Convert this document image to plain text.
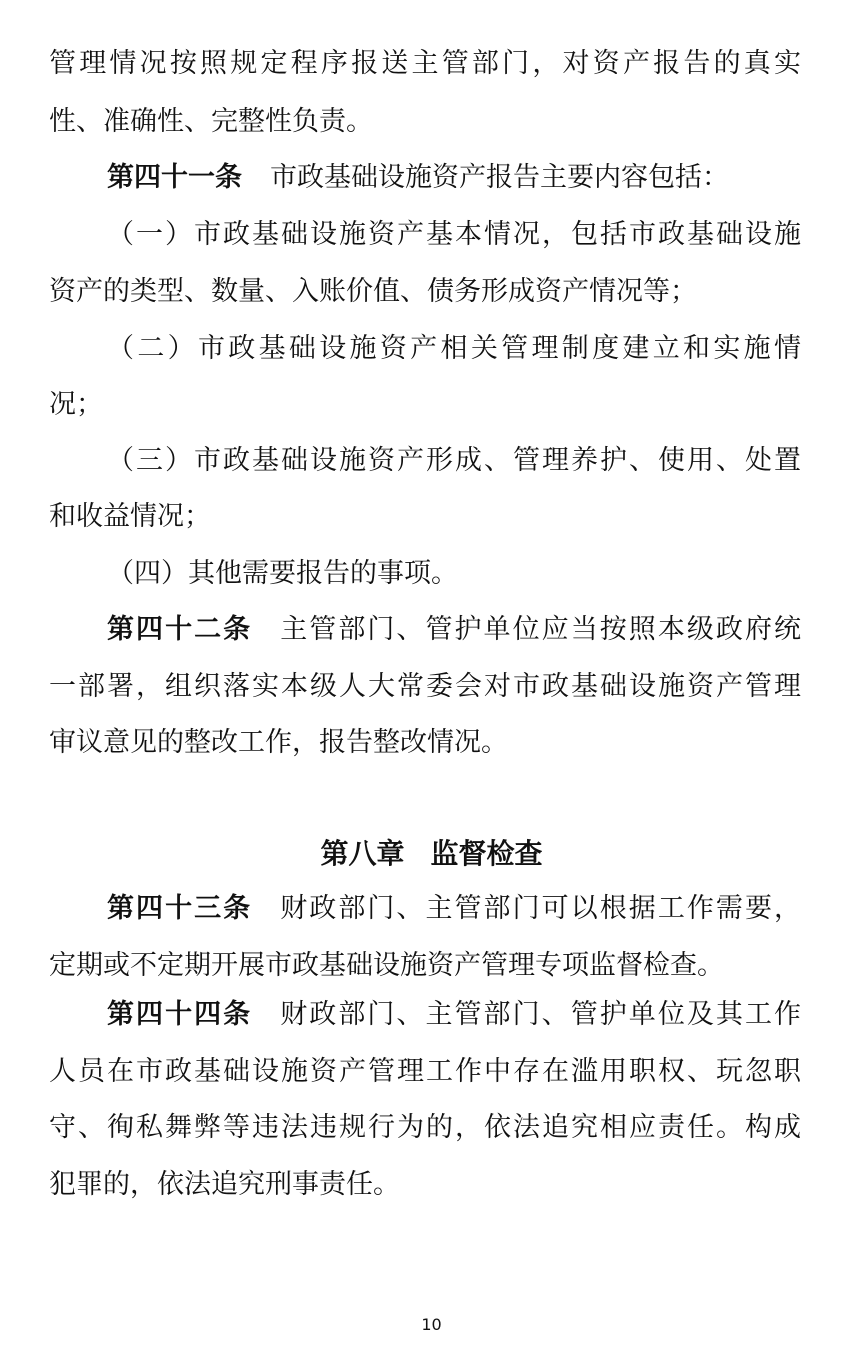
管理情况按照规定程序报送主管部门，对资产报告的真实
性、准确性、完整性负责。
第四十一条 市政基础设施资产报告主要内容包括：
（一）市政基础设施资产基本情况，包括市政基础设施
资产的类型、数量、入账价值、债务形成资产情况等；
（二）市政基础设施资产相关管理制度建立和实施情
况；
（三）市政基础设施资产形成、管理养护、使用、处置
和收益情况；
（四）其他需要报告的事项。
第四十二条 主管部门、管护单位应当按照本级政府统
一部署，组织落实本级人大常委会对市政基础设施资产管理
审议意见的整改工作，报告整改情况。
第八章 监督检查
第四十三条 财政部门、主管部门可以根据工作需要，
定期或不定期开展市政基础设施资产管理专项监督检查。
第四十四条 财政部门、主管部门、管护单位及其工作
人员在市政基础设施资产管理工作中存在滥用职权、玩忽职
守、徇私舞弊等违法违规行为的，依法追究相应责任。构成
犯罪的，依法追究刑事责任。
10
